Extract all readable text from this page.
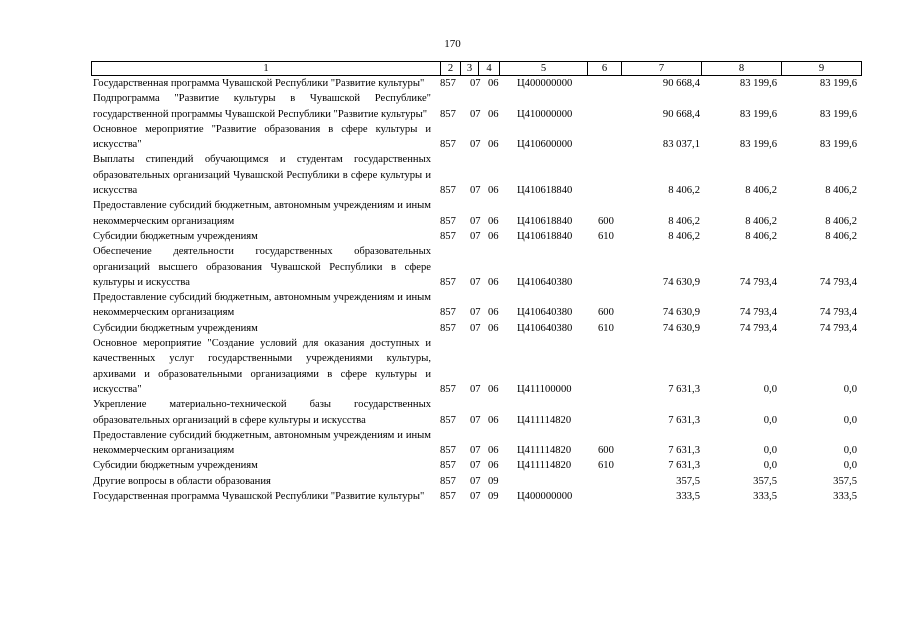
170
1	2	3	4	5	6	7	8	9
Государственная программа Чувашской Республики "Развитие культуры"	857 07 06 Ц400000000	90 668,4	83 199,6	83 199,6
Подпрограмма "Развитие культуры в Чувашской Республике" государственной программы Чувашской Республики "Развитие культуры"	857 07 06 Ц410000000	90 668,4	83 199,6	83 199,6
Основное мероприятие "Развитие образования в сфере культуры и искусства"	857 07 06 Ц410600000	83 037,1	83 199,6	83 199,6
Выплаты стипендий обучающимся и студентам государственных образовательных организаций Чувашской Республики в сфере культуры и искусства	857 07 06 Ц410618840	8 406,2	8 406,2	8 406,2
Предоставление субсидий бюджетным, автономным учреждениям и иным некоммерческим организациям	857 07 06 Ц410618840 600	8 406,2	8 406,2	8 406,2
Субсидии бюджетным учреждениям	857 07 06 Ц410618840 610	8 406,2	8 406,2	8 406,2
Обеспечение деятельности государственных образовательных организаций высшего образования Чувашской Республики в сфере культуры и искусства	857 07 06 Ц410640380	74 630,9	74 793,4	74 793,4
Предоставление субсидий бюджетным, автономным учреждениям и иным некоммерческим организациям	857 07 06 Ц410640380 600	74 630,9	74 793,4	74 793,4
Субсидии бюджетным учреждениям	857 07 06 Ц410640380 610	74 630,9	74 793,4	74 793,4
Основное мероприятие "Создание условий для оказания доступных и качественных услуг государственными учреждениями культуры, архивами и образовательными организациями в сфере культуры и искусства"	857 07 06 Ц411100000	7 631,3	0,0	0,0
Укрепление материально-технической базы государственных образовательных организаций в сфере культуры и искусства	857 07 06 Ц411114820	7 631,3	0,0	0,0
Предоставление субсидий бюджетным, автономным учреждениям и иным некоммерческим организациям	857 07 06 Ц411114820	600	7 631,3	0,0	0,0
Субсидии бюджетным учреждениям	857 07 06 Ц411114820	610	7 631,3	0,0	0,0
Другие вопросы в области образования	857 07 09	357,5	357,5	357,5
Государственная программа Чувашской Республики "Развитие культуры"	857 07 09 Ц400000000	333,5	333,5	333,5
